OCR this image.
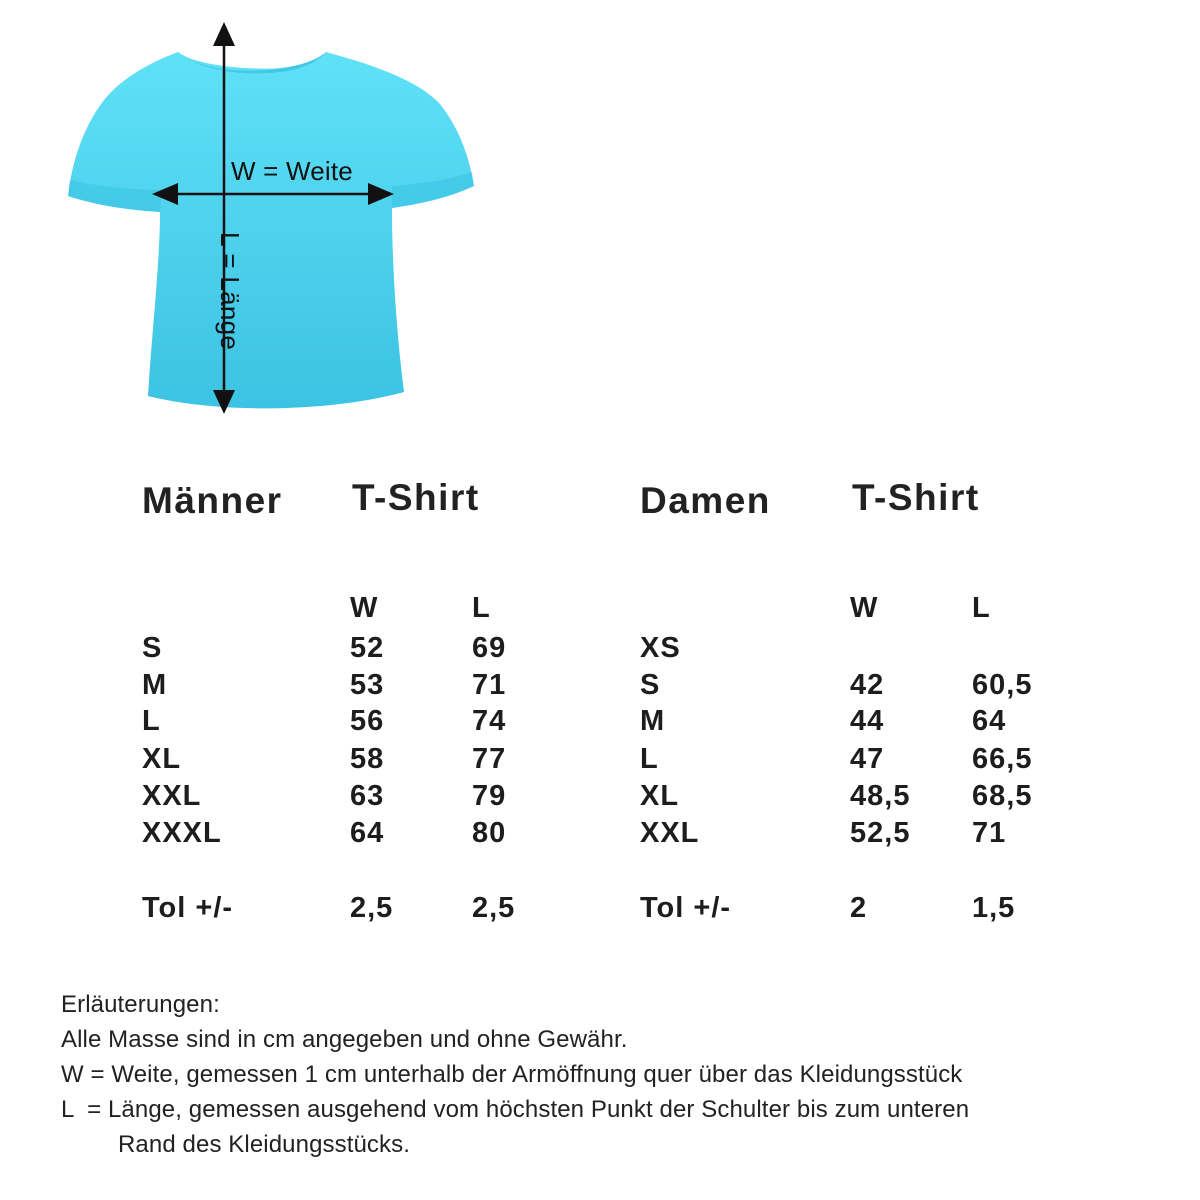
W = Weite
L = Länge
Männer T-Shirt
W	L
S	52	69
M	53	71
L	56	74
XL	58	77
XXL	63	79
XXXL	64	80
Tol +/-	2,5	2,5
Damen T-Shirt
W	L
XS
S	42	60,5
M	44	64
L	47	66,5
XL	48,5 68,5
XXL	52,5 71
Tol +/-	2	1,5
Erläuterungen:
Alle Masse sind in cm angegeben und ohne Gewähr.
W = Weite, gemessen 1 cm unterhalb der Armöffnung quer über das Kleidungsstück
L  = Länge, gemessen ausgehend vom höchsten Punkt der Schulter bis zum unteren
Rand des Kleidungsstücks.
